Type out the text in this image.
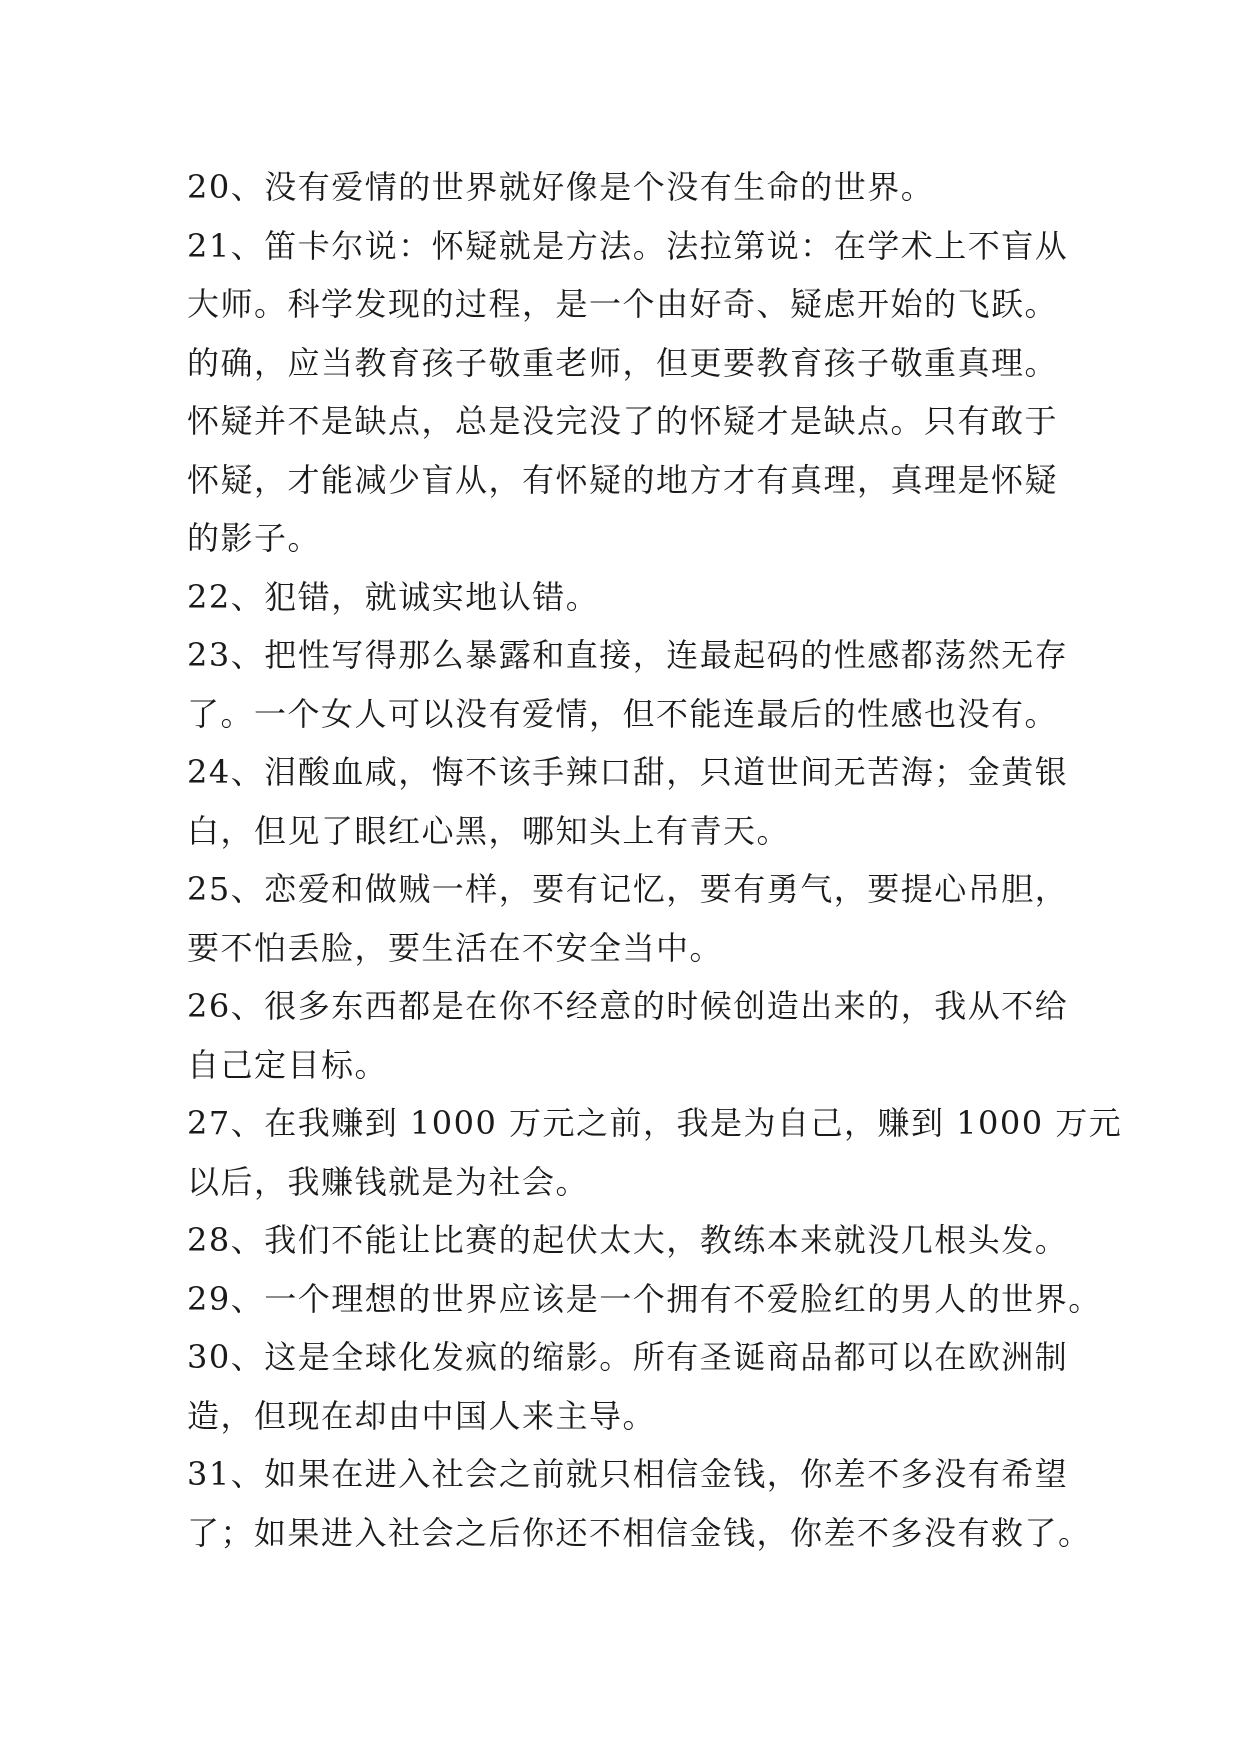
20、没有爱情的世界就好像是个没有生命的世界。
21、笛卡尔说：怀疑就是方法。法拉第说：在学术上不盲从
大师。科学发现的过程，是一个由好奇、疑虑开始的飞跃。
的确，应当教育孩子敬重老师，但更要教育孩子敬重真理。
怀疑并不是缺点，总是没完没了的怀疑才是缺点。只有敢于
怀疑，才能减少盲从，有怀疑的地方才有真理，真理是怀疑
的影子。
22、犯错，就诚实地认错。
23、把性写得那么暴露和直接，连最起码的性感都荡然无存
了。一个女人可以没有爱情，但不能连最后的性感也没有。
24、泪酸血咸，悔不该手辣口甜，只道世间无苦海；金黄银
白，但见了眼红心黑，哪知头上有青天。
25、恋爱和做贼一样，要有记忆，要有勇气，要提心吊胆，
要不怕丢脸，要生活在不安全当中。
26、很多东西都是在你不经意的时候创造出来的，我从不给
自己定目标。
27、在我赚到 1000 万元之前，我是为自己，赚到 1000 万元
以后，我赚钱就是为社会。
28、我们不能让比赛的起伏太大，教练本来就没几根头发。
29、一个理想的世界应该是一个拥有不爱脸红的男人的世界。
30、这是全球化发疯的缩影。所有圣诞商品都可以在欧洲制
造，但现在却由中国人来主导。
31、如果在进入社会之前就只相信金钱，你差不多没有希望
了；如果进入社会之后你还不相信金钱，你差不多没有救了。
